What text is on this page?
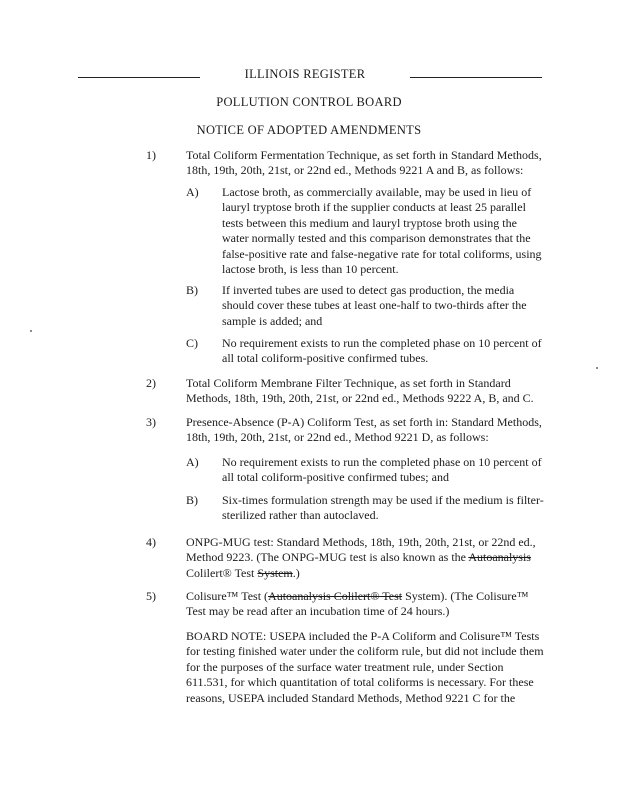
ILLINOIS REGISTER
POLLUTION CONTROL BOARD
NOTICE OF ADOPTED AMENDMENTS
1)	Total Coliform Fermentation Technique, as set forth in Standard Methods,
18th, 19th, 20th, 21st, or 22nd ed., Methods 9221 A and B, as follows:
A) Lactose broth, as commercially available, may be used in lieu of
lauryl tryptose broth if the supplier conducts at least 25 parallel
tests between this medium and lauryl tryptose broth using the
water normally tested and this comparison demonstrates that the
false-positive rate and false-negative rate for total coliforms, using
lactose broth, is less than 10 percent.
B) If inverted tubes are used to detect gas production, the media
should cover these tubes at least one-half to two-thirds after the
sample is added; and
C) No requirement exists to run the completed phase on 10 percent of
all total coliform-positive confirmed tubes.
2)	Total Coliform Membrane Filter Technique, as set forth in Standard
Methods, 18th, 19th, 20th, 21st, or 22nd ed., Methods 9222 A, B, and C.
3)	Presence-Absence (P-A) Coliform Test, as set forth in: Standard Methods,
18th, 19th, 20th, 21st, or 22nd ed., Method 9221 D, as follows:
A) No requirement exists to run the completed phase on 10 percent of
all total coliform-positive confirmed tubes; and
B) Six-times formulation strength may be used if the medium is filter-
sterilized rather than autoclaved.
4)	ONPG-MUG test: Standard Methods, 18th, 19th, 20th, 21st, or 22nd ed.,
Method 9223. (The ONPG-MUG test is also known as the Autoanalysis
Colilert® Test System.)
5)	Colisure™ Test (Autoanalysis Colilert® Test System). (The Colisure™
Test may be read after an incubation time of 24 hours.)
BOARD NOTE: USEPA included the P-A Coliform and Colisure™ Tests
for testing finished water under the coliform rule, but did not include them
for the purposes of the surface water treatment rule, under Section
611.531, for which quantitation of total coliforms is necessary. For these
reasons, USEPA included Standard Methods, Method 9221 C for the
